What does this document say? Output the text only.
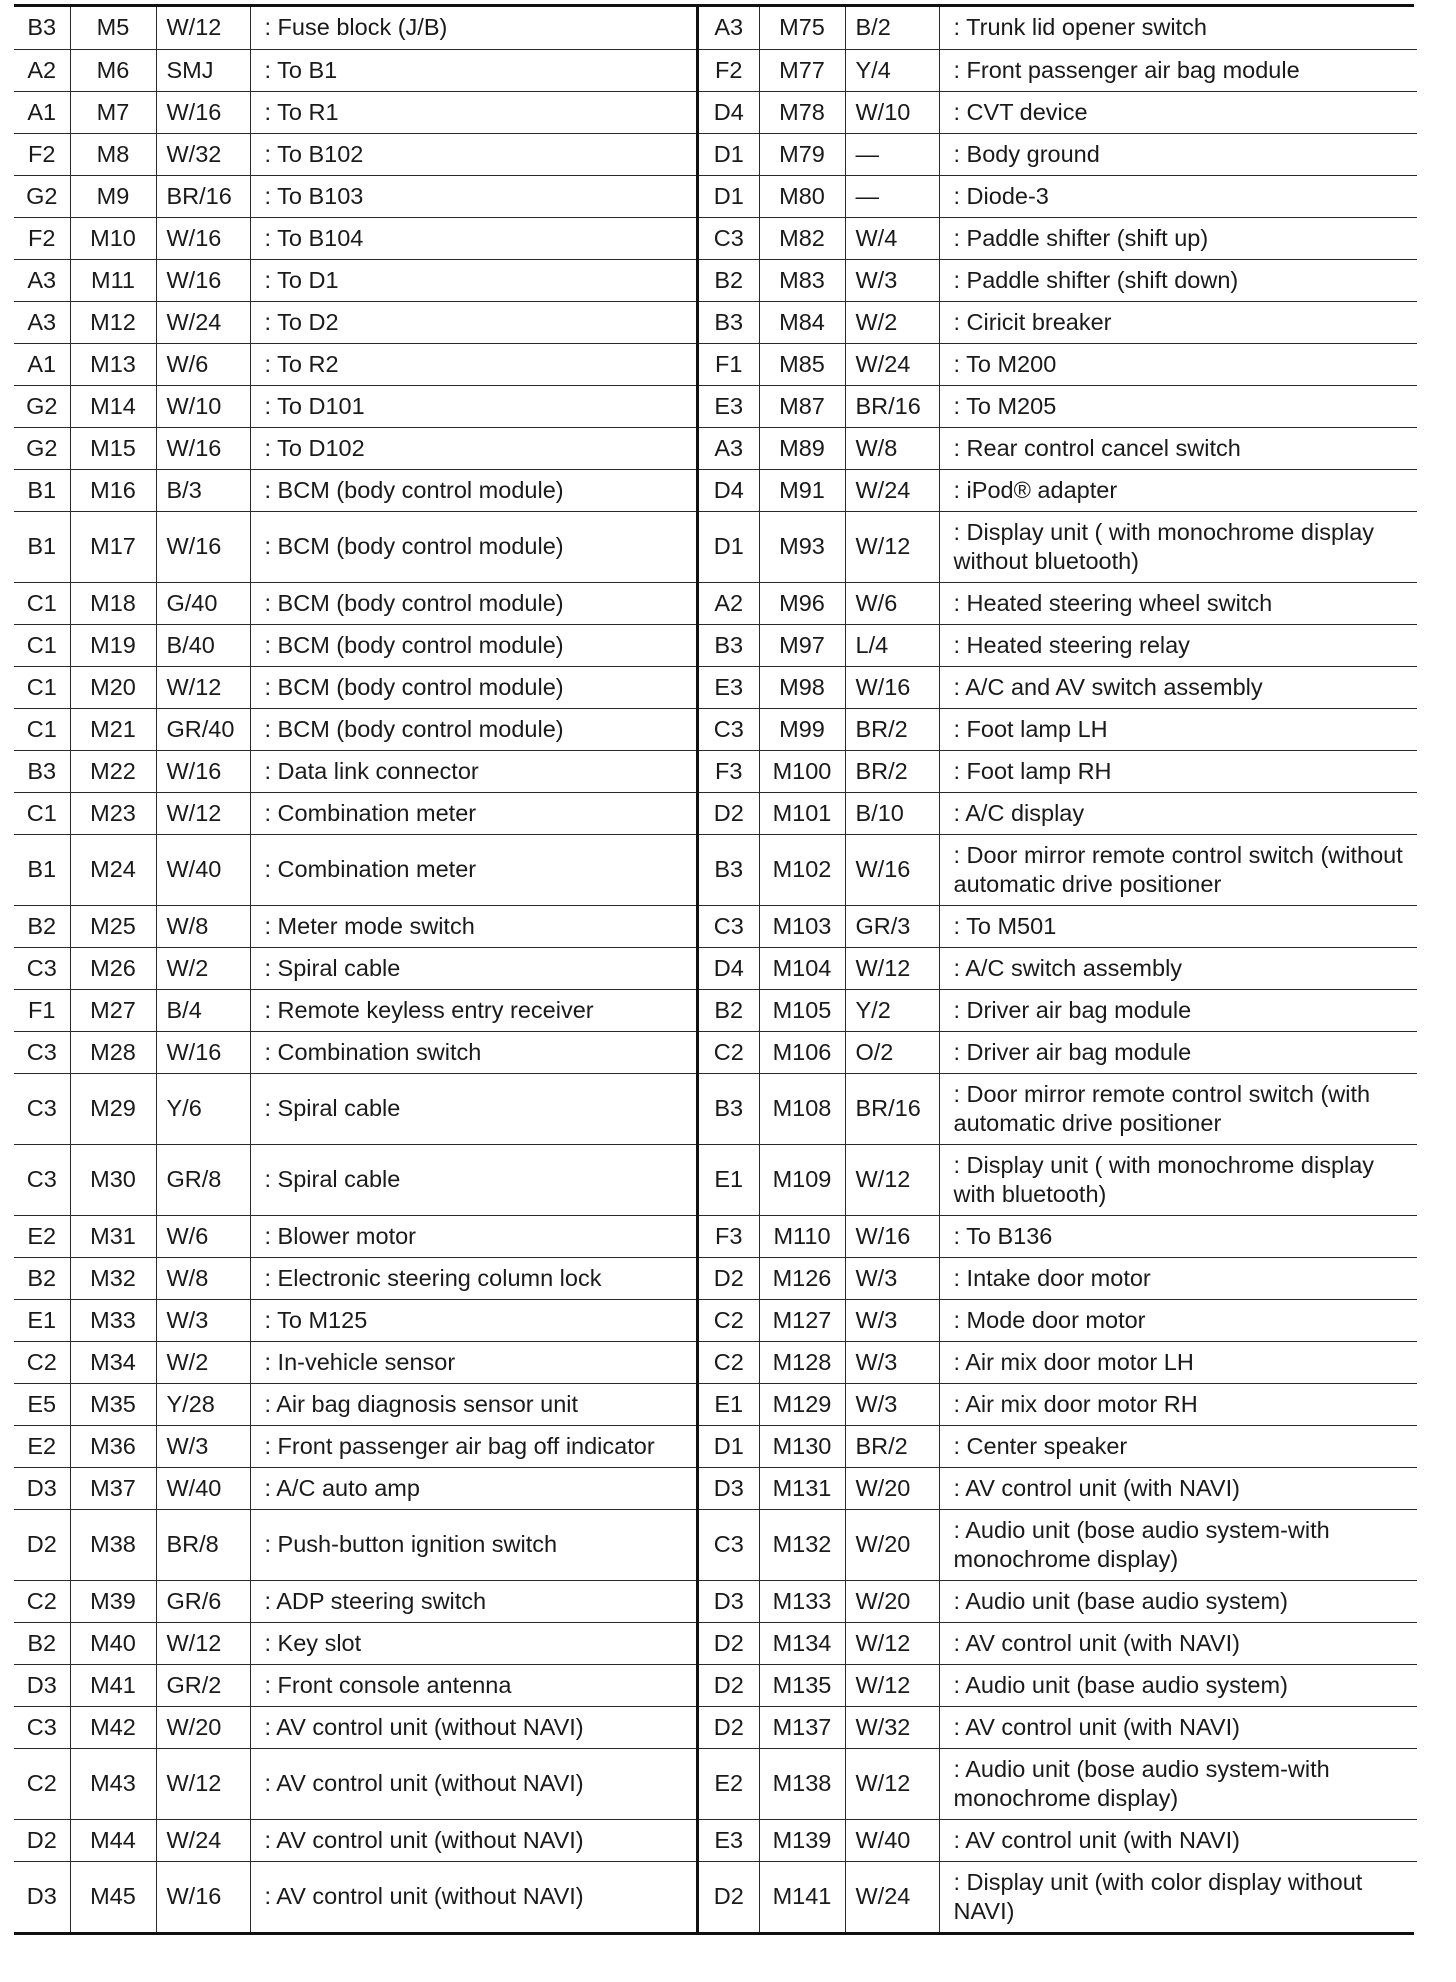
B3	M5	W/12	: Fuse block (J/B)
A2	M6	SMJ	: To B1
A1	M7	W/16	: To R1
F2	M8	W/32	: To B102
G2	M9	BR/16	: To B103
F2	M10	W/16	: To B104
A3	M11	W/16	: To D1
A3	M12	W/24	: To D2
A1	M13	W/6	: To R2
G2	M14	W/10	: To D101
G2	M15	W/16	: To D102
B1	M16	B/3	: BCM (body control module)
B1	M17	W/16	: BCM (body control module)
C1	M18	G/40	: BCM (body control module)
C1	M19	B/40	: BCM (body control module)
C1	M20	W/12	: BCM (body control module)
C1	M21	GR/40	: BCM (body control module)
B3	M22	W/16	: Data link connector
C1	M23	W/12	: Combination meter
B1	M24	W/40	: Combination meter
B2	M25	W/8	: Meter mode switch
C3	M26	W/2	: Spiral cable
F1	M27	B/4	: Remote keyless entry receiver
C3	M28	W/16	: Combination switch
C3	M29	Y/6	: Spiral cable
C3	M30	GR/8	: Spiral cable
E2	M31	W/6	: Blower motor
B2	M32	W/8	: Electronic steering column lock
E1	M33	W/3	: To M125
C2	M34	W/2	: In-vehicle sensor
E5	M35	Y/28	: Air bag diagnosis sensor unit
E2	M36	W/3	: Front passenger air bag off indicator
D3	M37	W/40	: A/C auto amp
D2	M38	BR/8	: Push-button ignition switch
C2	M39	GR/6	: ADP steering switch
B2	M40	W/12	: Key slot
D3	M41	GR/2	: Front console antenna
C3	M42	W/20	: AV control unit (without NAVI)
C2	M43	W/12	: AV control unit (without NAVI)
D2	M44	W/24	: AV control unit (without NAVI)
D3	M45	W/16	: AV control unit (without NAVI)
A3	M75	B/2	: Trunk lid opener switch
F2	M77	Y/4	: Front passenger air bag module
D4	M78	W/10	: CVT device
D1	M79	—	: Body ground
D1	M80	—	: Diode-3
C3	M82	W/4	: Paddle shifter (shift up)
B2	M83	W/3	: Paddle shifter (shift down)
B3	M84	W/2	: Ciricit breaker
F1	M85	W/24	: To M200
E3	M87	BR/16	: To M205
A3	M89	W/8	: Rear control cancel switch
D4	M91	W/24	: iPod® adapter
D1	M93	W/12	: Display unit ( with monochrome display without bluetooth)
A2	M96	W/6	: Heated steering wheel switch
B3	M97	L/4	: Heated steering relay
E3	M98	W/16	: A/C and AV switch assembly
C3	M99	BR/2	: Foot lamp LH
F3	M100	BR/2	: Foot lamp RH
D2	M101	B/10	: A/C display
B3	M102	W/16	: Door mirror remote control switch (without automatic drive positioner
C3	M103	GR/3	: To M501
D4	M104	W/12	: A/C switch assembly
B2	M105	Y/2	: Driver air bag module
C2	M106	O/2	: Driver air bag module
B3	M108	BR/16	: Door mirror remote control switch (with automatic drive positioner
E1	M109	W/12	: Display unit ( with monochrome display with bluetooth)
F3	M110	W/16	: To B136
D2	M126	W/3	: Intake door motor
C2	M127	W/3	: Mode door motor
C2	M128	W/3	: Air mix door motor LH
E1	M129	W/3	: Air mix door motor RH
D1	M130	BR/2	: Center speaker
D3	M131	W/20	: AV control unit (with NAVI)
C3	M132	W/20	: Audio unit (bose audio system-with monochrome display)
D3	M133	W/20	: Audio unit (base audio system)
D2	M134	W/12	: AV control unit (with NAVI)
D2	M135	W/12	: Audio unit (base audio system)
D2	M137	W/32	: AV control unit (with NAVI)
E2	M138	W/12	: Audio unit (bose audio system-with monochrome display)
E3	M139	W/40	: AV control unit (with NAVI)
D2	M141	W/24	: Display unit (with color display without NAVI)
